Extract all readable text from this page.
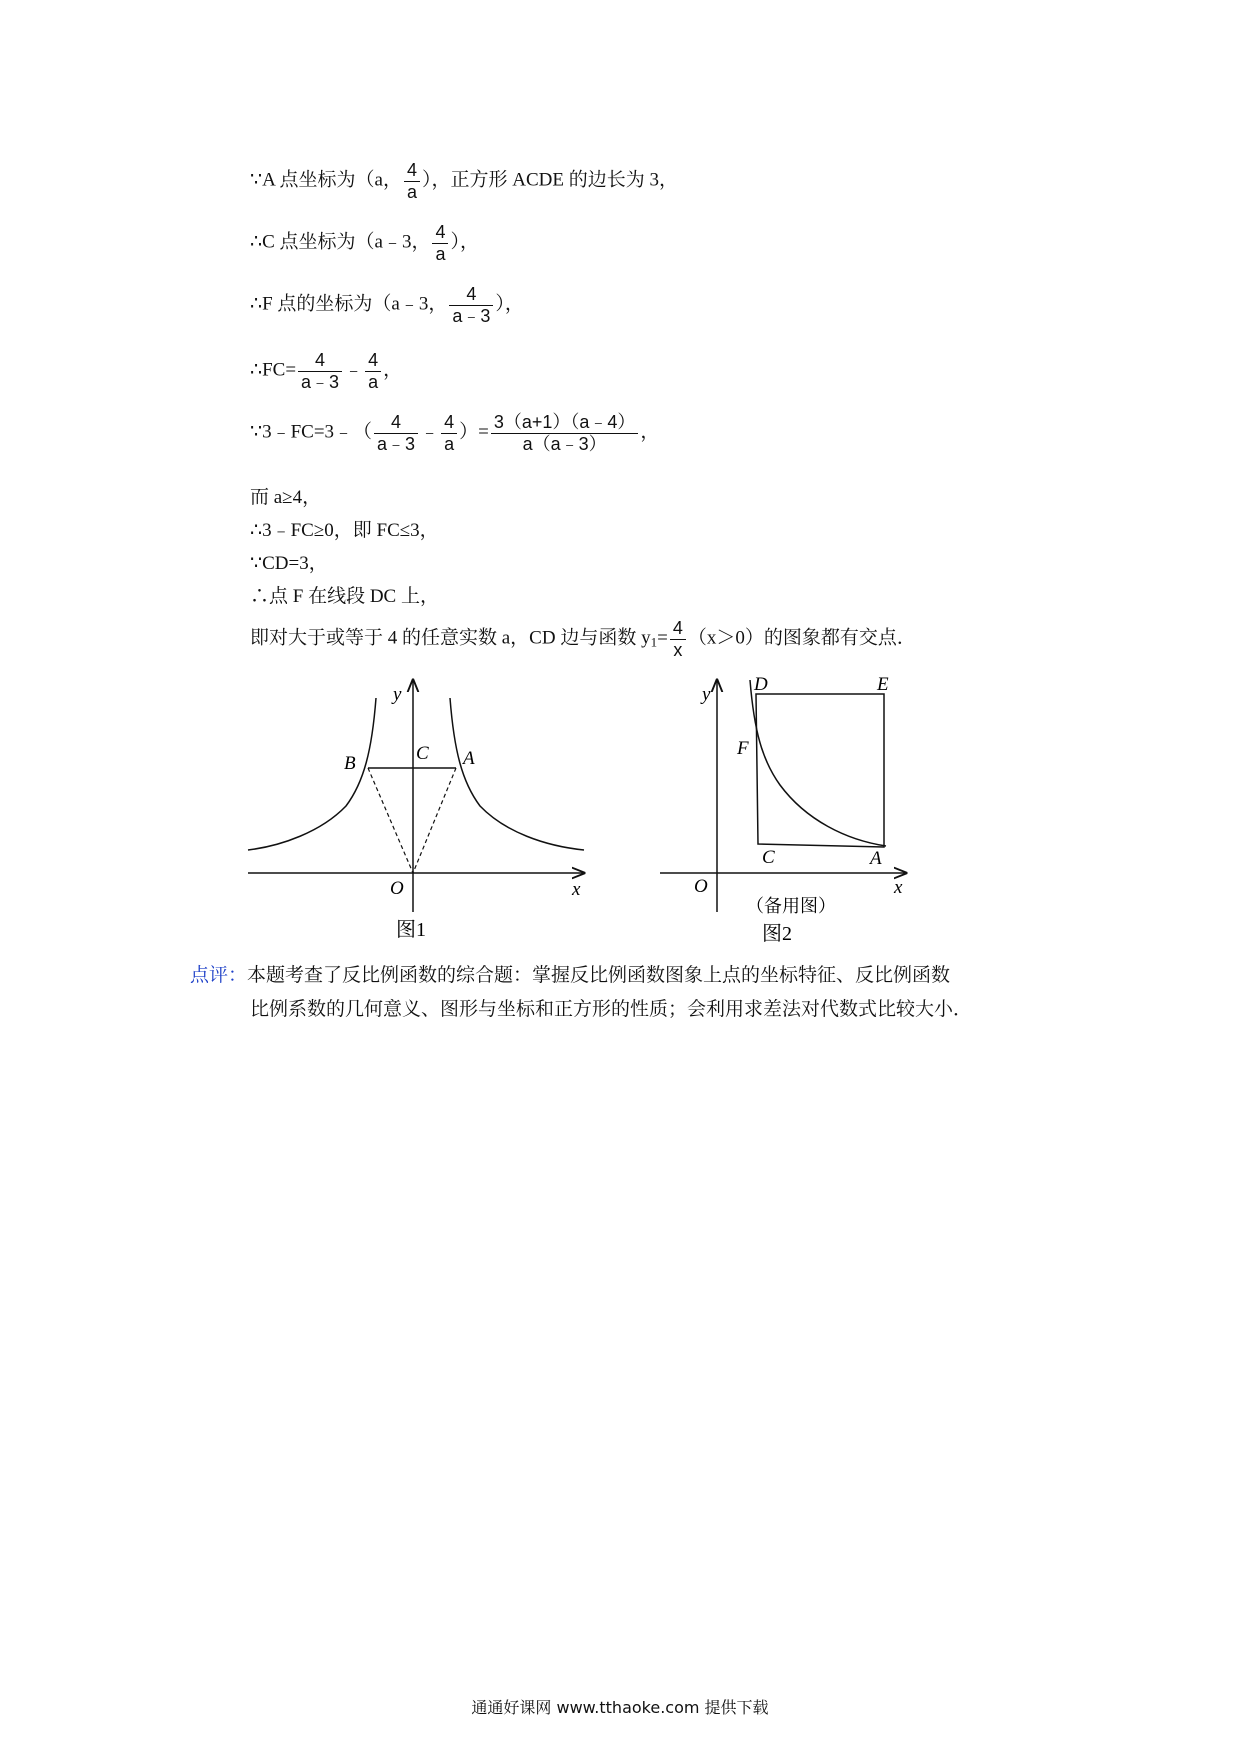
∵A 点坐标为（a， $\frac{4}{a}$ ），正方形 ACDE 的边长为 3，
∴C 点坐标为（a﹣3， $\frac{4}{a}$ ），
∴F 点的坐标为（a﹣3， $\frac{4}{a﹣3}$ ），
∴FC= $\frac{4}{a﹣3}$ ﹣ $\frac{4}{a}$ ，
∵3﹣FC=3﹣（ $\frac{4}{a﹣3}$ ﹣ $\frac{4}{a}$ ）= $\frac{3(a+1)(a﹣4)}{a(a﹣3)}$ ，
而 a≥4，
∴3﹣FC≥0，即 FC≤3，
∵CD=3，
∴点 F 在线段 DC 上，
即对大于或等于 4 的任意实数 a，CD 边与函数 $y_1= \frac{4}{x} (x>0)$的图象都有交点．
y
x
O
A
B	C
图1
y
x
O
A
C
D	E
F
（备用图）
图2
点评：本题考查了反比例函数的综合题：掌握反比例函数图象上点的坐标特征、反比例函数
比例系数的几何意义、图形与坐标和正方形的性质；会利用求差法对代数式比较大小．
通通好课网 www.tthaoke.com 提供下载
